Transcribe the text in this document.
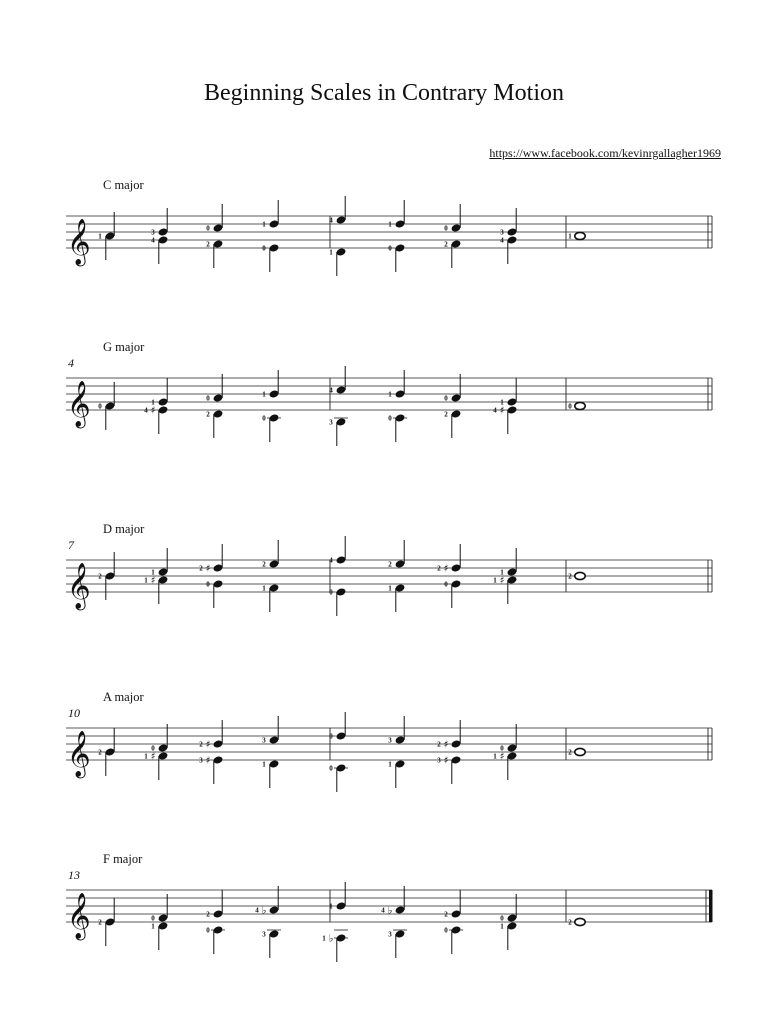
Beginning Scales in Contrary Motion
https://www.facebook.com/kevinrgallagher1969
C major
𝄞 1	3
4
0
2
1
0
4
1
1
0
0
2
3
4	1
G major
4
𝄞 0	1
♯
4
0
2
1
0
4
3
1
0
0
2
1
♯
4	0
D major
7
𝄞 2	1
♯
1
♯
2
0
2
1
4
0
2
1
♯
2
0
1
♯
1	2
A major
10
𝄞 2	0
♯
1
♯
2
♯
3
3
1
0
0
3
1
♯
2
♯
3
0
♯
1	2
F major
13
𝄞 2	0
1
2
0
♭
4
3
1
♭
1
♭
4
3
2
0
0
1	2
